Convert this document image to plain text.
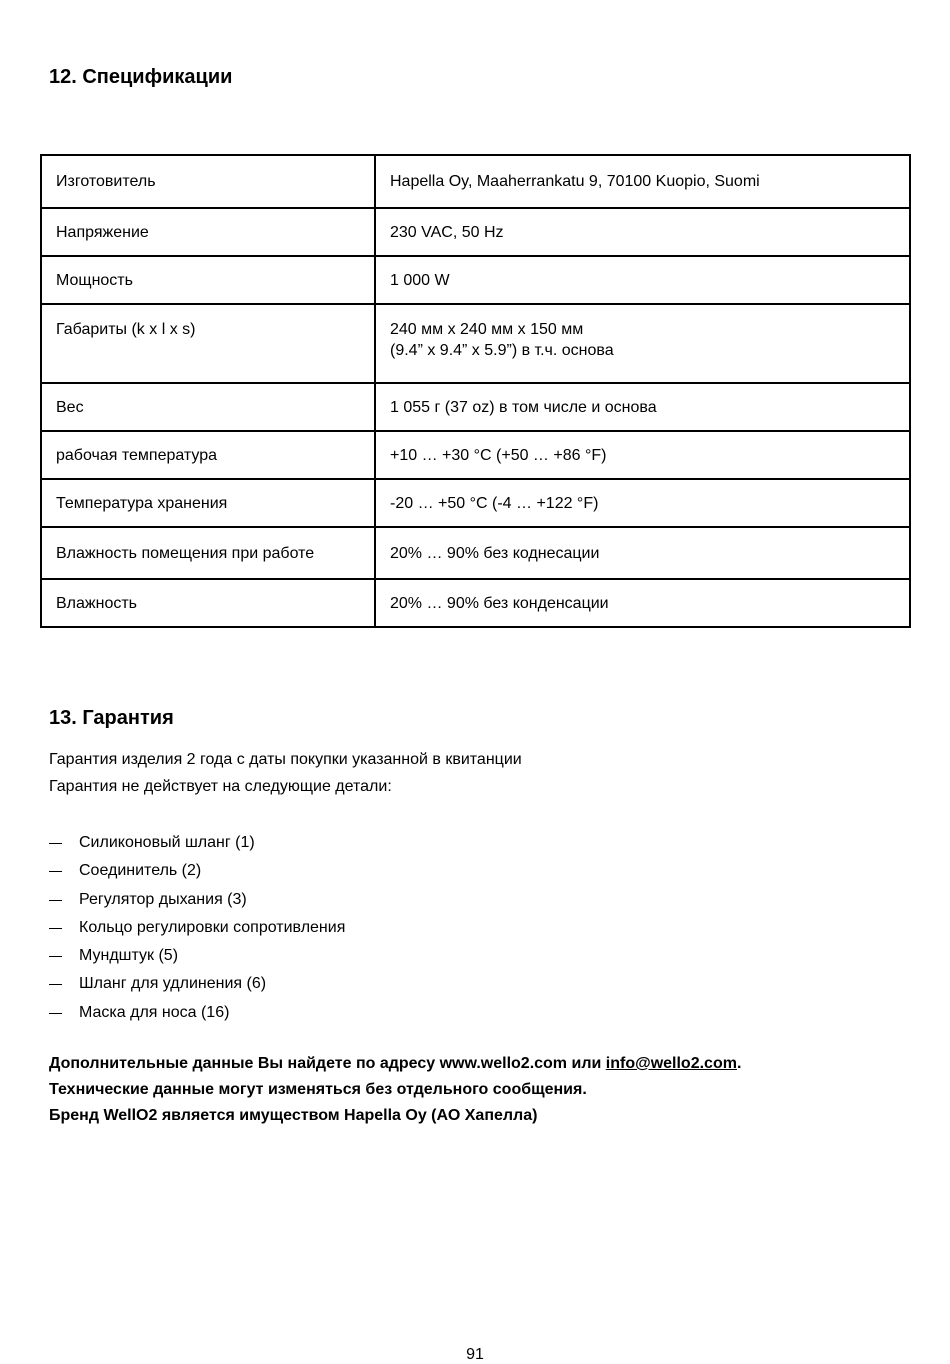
12. Спецификации
Изготовитель	Hapella Oy, Maaherrankatu 9, 70100 Kuopio, Suomi
Напряжение	230 VAC, 50 Hz
Мощность	1 000 W
Габариты (k x l x s)	240 мм x 240 мм x 150 мм
(9.4” x 9.4” x 5.9”) в т.ч. основа

Вес	1 055 г (37 oz) в том числе и основа
рабочая температура	+10 … +30 °C (+50 … +86 °F)
Температура хранения	-20 … +50 °C (-4 … +122 °F)
Влажность помещения при работе	20% … 90% без коднесации
Влажность	20% … 90% без конденсации
13. Гарантия
Гарантия изделия 2 года с даты покупки указанной в квитанции
Гарантия не действует на следующие детали:
Силиконовый шланг (1)
Соединитель (2)
Регулятор дыхания (3)
Кольцо регулировки сопротивления
Мундштук (5)
Шланг для удлинения (6)
Маска для носа (16)
Дополнительные данные Вы найдете по адресу www.wello2.com или info@wello2.com.
Технические данные могут изменяться без отдельного сообщения.
Бренд WellO2 является имуществом Hapella Oy (АО Хапелла)
91
